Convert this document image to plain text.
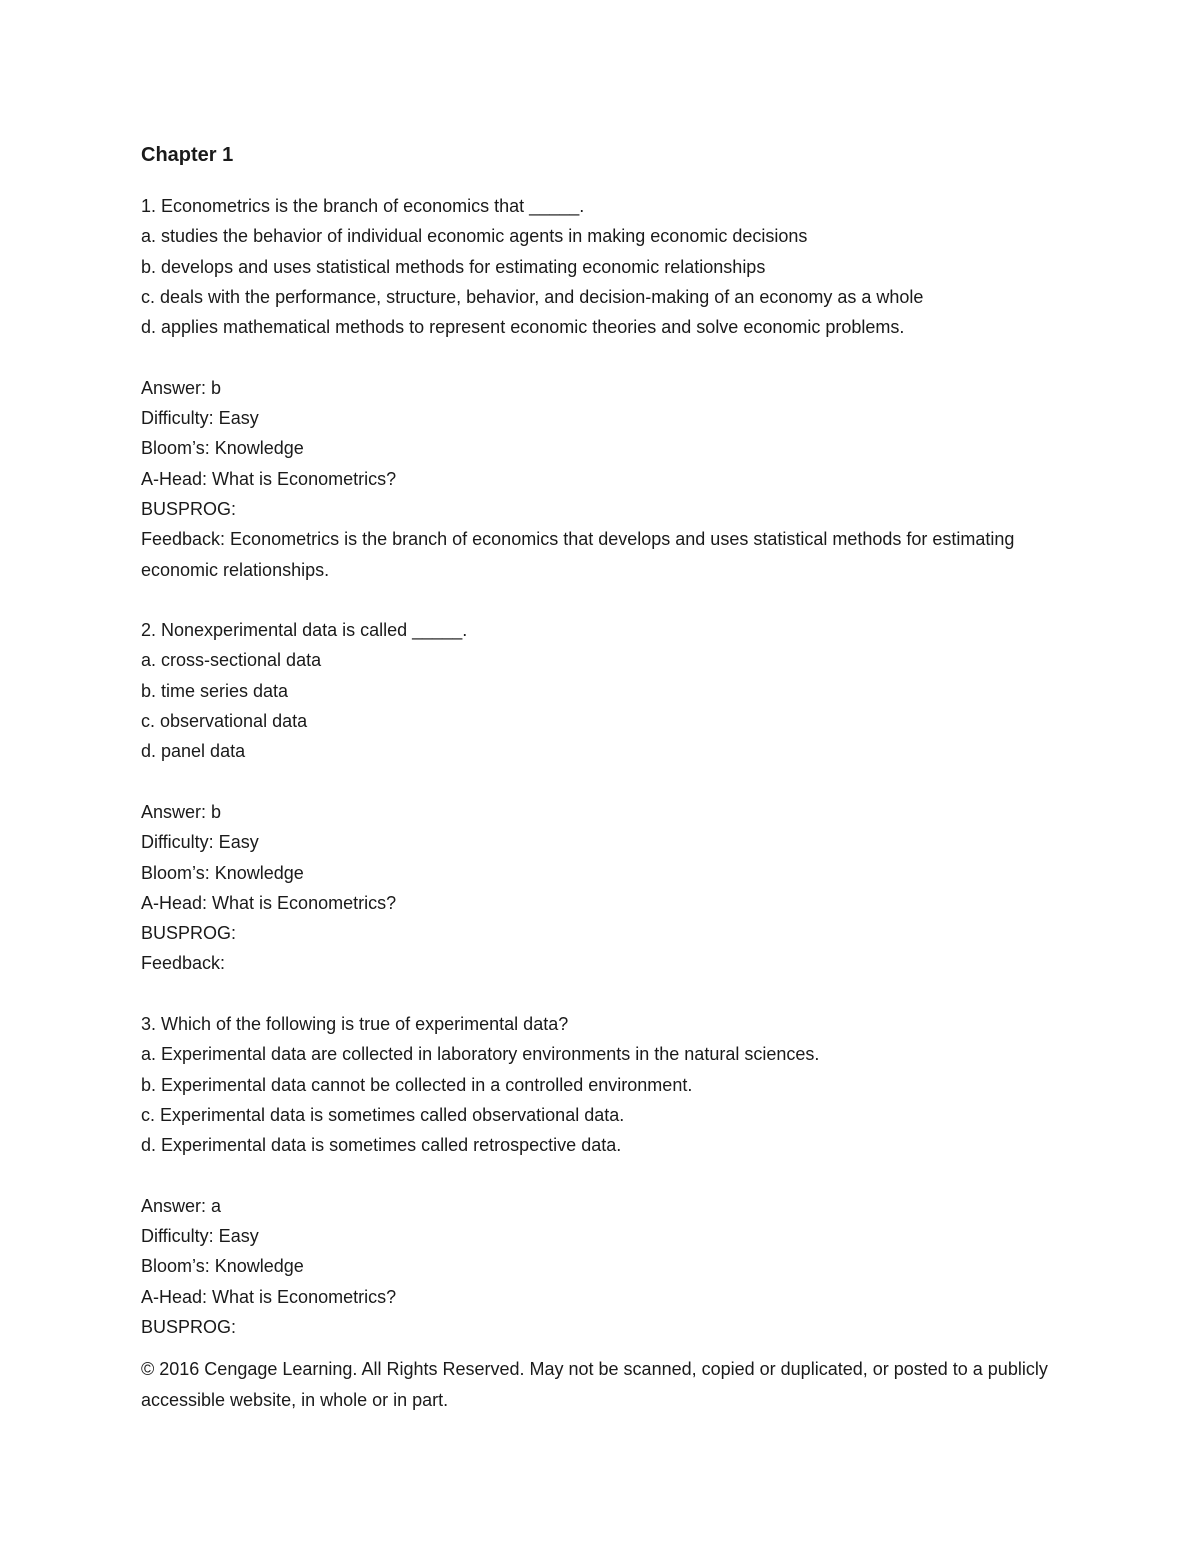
Chapter 1
1. Econometrics is the branch of economics that _____.
a. studies the behavior of individual economic agents in making economic decisions
b. develops and uses statistical methods for estimating economic relationships
c. deals with the performance, structure, behavior, and decision-making of an economy as a whole
d. applies mathematical methods to represent economic theories and solve economic problems.
Answer: b
Difficulty: Easy
Bloom’s: Knowledge
A-Head: What is Econometrics?
BUSPROG:
Feedback: Econometrics is the branch of economics that develops and uses statistical methods for estimating economic relationships.
2. Nonexperimental data is called _____.
a. cross-sectional data
b. time series data
c. observational data
d. panel data
Answer: b
Difficulty: Easy
Bloom’s: Knowledge
A-Head: What is Econometrics?
BUSPROG:
Feedback:
3. Which of the following is true of experimental data?
a. Experimental data are collected in laboratory environments in the natural sciences.
b. Experimental data cannot be collected in a controlled environment.
c. Experimental data is sometimes called observational data.
d. Experimental data is sometimes called retrospective data.
Answer: a
Difficulty: Easy
Bloom’s: Knowledge
A-Head: What is Econometrics?
BUSPROG:
© 2016 Cengage Learning. All Rights Reserved. May not be scanned, copied or duplicated, or posted to a publicly accessible website, in whole or in part.
